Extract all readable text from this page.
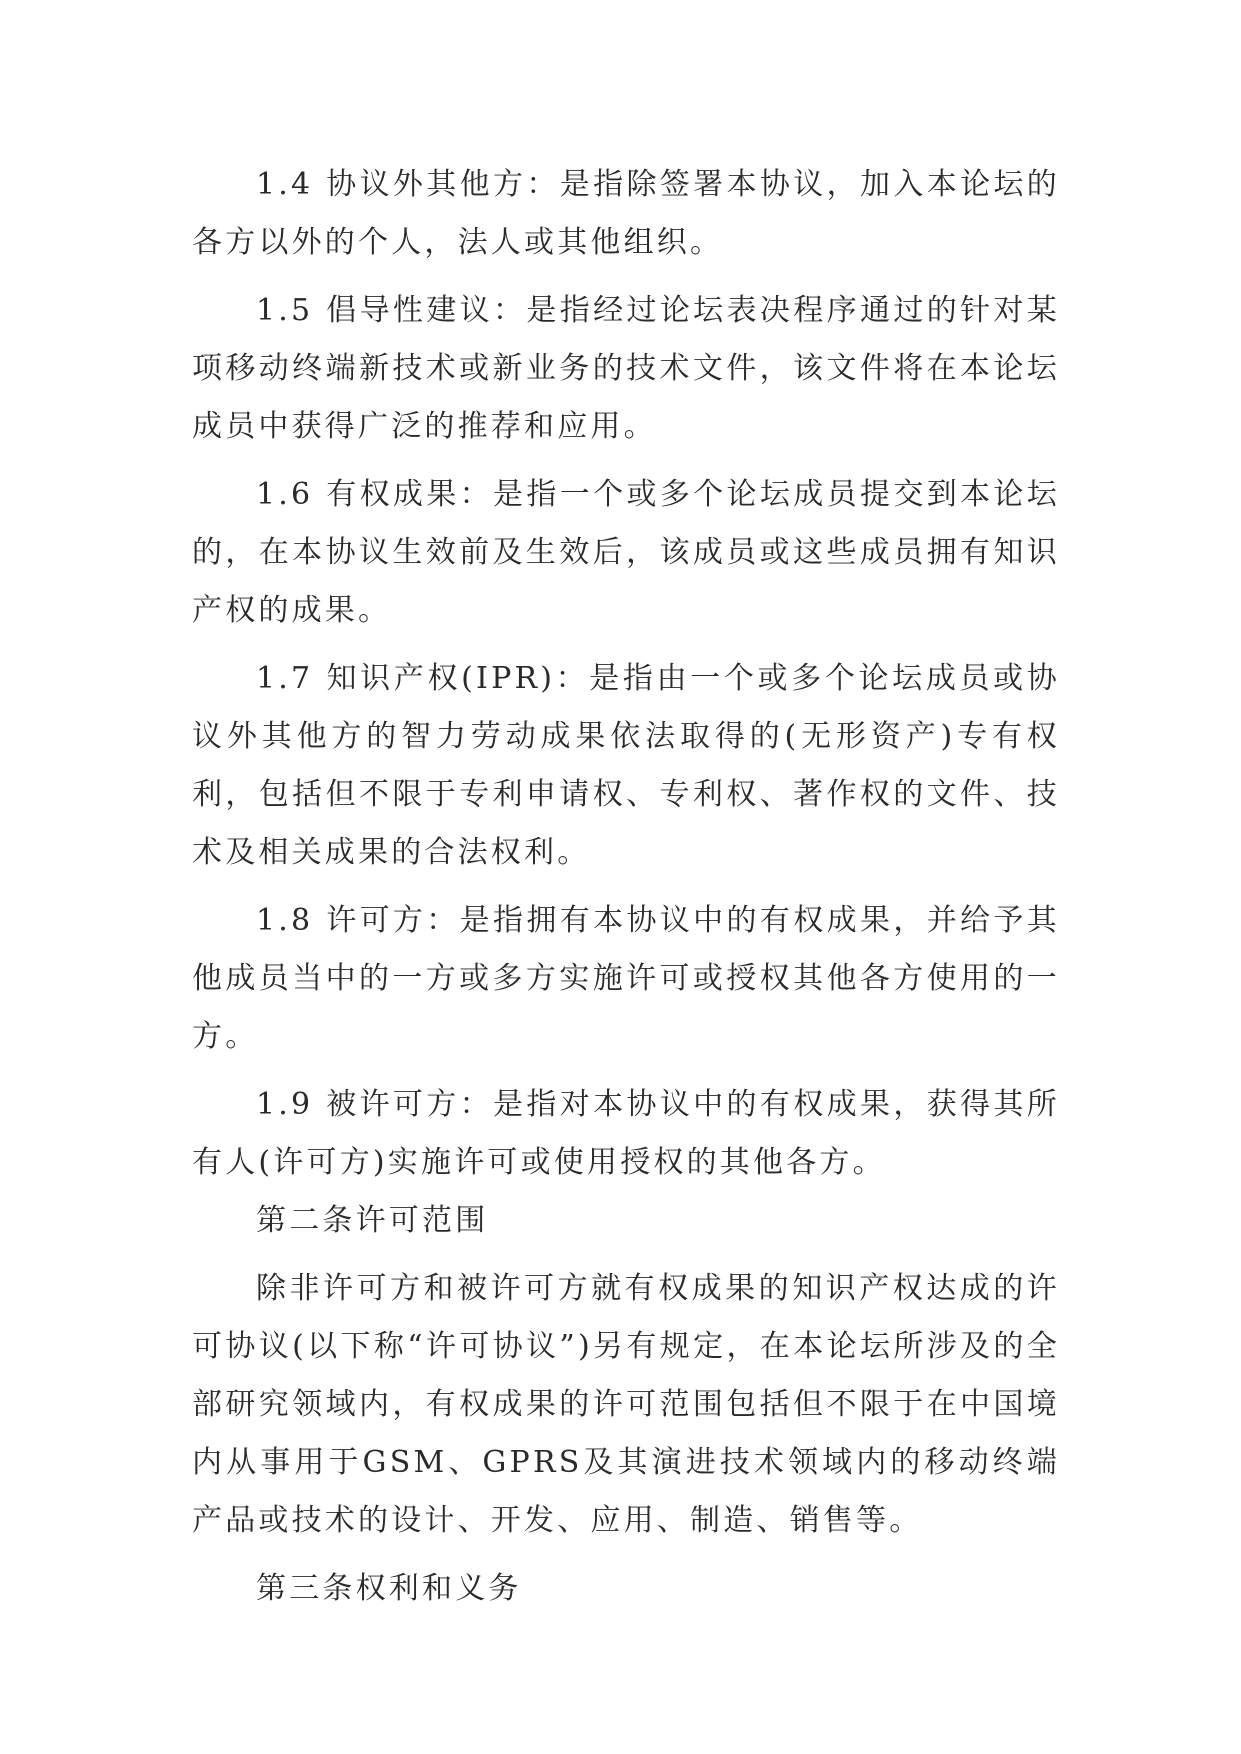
1.4 协议外其他方：是指除签署本协议，加入本论坛的各方以外的个人，法人或其他组织。

1.5 倡导性建议：是指经过论坛表决程序通过的针对某项移动终端新技术或新业务的技术文件，该文件将在本论坛成员中获得广泛的推荐和应用。

1.6 有权成果：是指一个或多个论坛成员提交到本论坛的，在本协议生效前及生效后，该成员或这些成员拥有知识产权的成果。

1.7 知识产权(IPR)：是指由一个或多个论坛成员或协议外其他方的智力劳动成果依法取得的(无形资产)专有权利，包括但不限于专利申请权、专利权、著作权的文件、技术及相关成果的合法权利。

1.8 许可方：是指拥有本协议中的有权成果，并给予其他成员当中的一方或多方实施许可或授权其他各方使用的一方。

1.9 被许可方：是指对本协议中的有权成果，获得其所有人(许可方)实施许可或使用授权的其他各方。

第二条许可范围

除非许可方和被许可方就有权成果的知识产权达成的许可协议(以下称“许可协议”)另有规定，在本论坛所涉及的全部研究领域内，有权成果的许可范围包括但不限于在中国境内从事用于GSM、GPRS及其演进技术领域内的移动终端产品或技术的设计、开发、应用、制造、销售等。

第三条权利和义务
